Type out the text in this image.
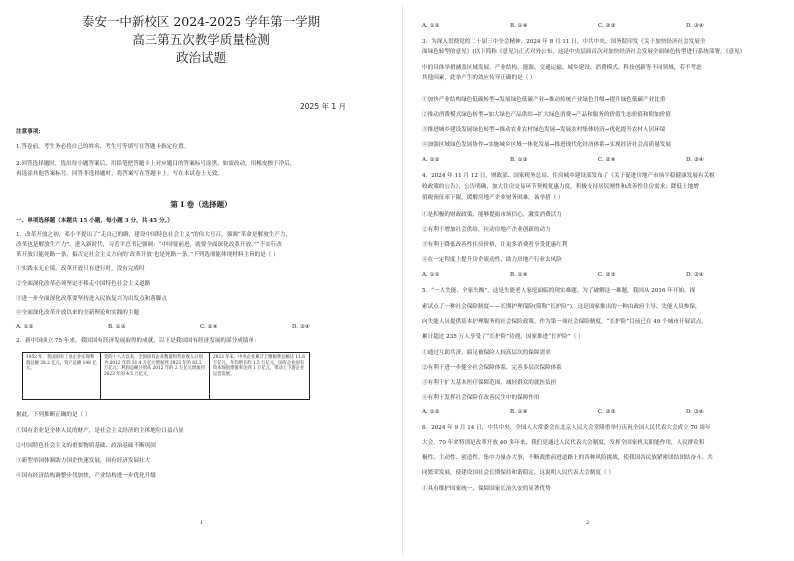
泰安一中新校区 2024-2025 学年第一学期
高三第五次教学质量检测
政治试题
2025 年 1 月
注意事项:
1.答卷前，考生务必将自己的姓名、考生号等填写在答题卡指定位置。
2.回答选择题时，选出每小题答案后，用铅笔把答题卡上对应题目的答案标号涂黑。如需改动，用橡皮擦干净后，
再选涂其他答案标号。回答非选择题时，将答案写在答题卡上。写在本试卷上无效。
第 I 卷（选择题）
一、单项选择题（本题共 15 小题，每小题 3 分，共 45 分。）
1．改革开放之初，邓小平提出了“走自己的路，建设中国特色社会主义”的伟大号召，强调“革命是解放生产力，
改革也是解放生产力”。进入新时代，习近平总书记强调：“中国要前进，就要全面深化改革开放。”“不实行改
革开放只能死路一条，搞否定社会主义方向的‘改革开放’也是死路一条。”下列选项能体现材料主旨的是（ ）
①实践永无止境，改革开放只有进行时，没有完成时
②全面深化改革必须坚定不移走中国特色社会主义道路
③进一步全面深化改革要坚持进入民族复兴为出发点和落脚点
④全面深化改革开放以来的全新理论和实践的主题
A. ①②	B. ①③	C. ②④	D. ③④
2．新中国成立 75 年来，我国国有经济发展取得的成就，以下是我国国有经济发展的部分成绩单：
1952 年，我国国有工业企业实现利润总额 28.2 亿元，资产总额 148 亿元。
党的十八大以来，全国国有企业数量和营业收入分别为 2012 年的 31.4 万亿元增加到 2023 年的 83.2 万亿元；利润总额分别从 2012 年的 2 万亿元增加到 2023 年的 4.5 万亿元。
2023 年末，中央企业累计上缴税费总额达 11.6 万亿元，年均增长约 1.5 万亿元，国有企业国有资本保值增值率达到 1 万亿元，带动上下游企业运营发展。
据此，下列推断正确的是（ ）
①国有企业是全体人民的财产，是社会主义经济的主体地位日益凸显
②中国特色社会主义的重要物质基础、政治基础不断巩固
③新型举国体制助力国企快速发展，国有经济发展壮大
④国有经济结构调整步伐加快，产业结构进一步优化升级
1
A. ①②	B. ①④	C. ②③	D. ③④
3．为深入贯彻党的二十届三中全会精神，2024 年 8 月 11 日，中共中央、国务院印发《关于加快经济社会发展全
面绿色转型的意见》(以下简称《意见》)正式对外公布，这是中央层面首次对加快经济社会发展全面绿色转型进行系统部署。《意见》
中的具体举措涵盖区域发展、产业结构、能源、交通运输、城乡建设、消费模式、科技创新等不同领域，若不考虑
其他因素，此举产生的效应传导正确的是（ ）
①加快产业结构绿色低碳转型→发展绿色低碳产业→推动传统产业绿色升级→提升绿色低碳产业比重
②推动消费模式绿色转型→加大绿色产品供给→扩大绿色消费→产品和服务的价值生态价值和附加价值
③推进城乡建设发展绿色转型→推动农业农村绿色发展→发展农村集体经济→优化提升农村人居环境
④加强区域绿色发展协作→实施城乡区域一体化发展→推进现代化经济体系→实现经济社会高质量发展
A. ①②	B. ①③	C. ②④	D. ③④
4．2024 年 11 月 12 日，财政部、国家税务总局、住房城乡建设部发布了《关于促进房地产市场平稳健康发展有关税
收政策的公告》，公告明确，加大住房交易环节契税优惠力度，积极支持居民刚性和改善性住房需求；降低土地增
值税预征率下限，缓解房地产企业财务困难。该举措（ ）
①是积极的财政政策，能够提振市场信心，激发消费活力
②有利于增加社会供给，拉动房地产企业创新的动力
③有利于降低改善性住房价格，让更多消费者享受优惠红利
④在一定程度上提升房企流动性，助力房地产行业去风险
A. ①②	B. ①④	C. ②③	D. ③④
5．“一人失能，全家失衡”，这是失能老人家庭面临的现实难题。为了破解这一难题，我国从 2016 年开始，探
索试点了一种社会保险制度——长期护理保险(简称“长护险”)，这是国家推出的一种由政府主导、失能人员参保，
向失能人员提供基本护理服务的社会保险政策。作为第一项社会保险制度，“长护险”目前已在 49 个城市开展试点，
累计超过 235 万人享受了“长护险”待遇，国家推进“长护险”（ ）
①通过互助共济，搞足被保险人较高层次的保障需求
②有利于进一步健全社会保障体系，完善多层次保障体系
③有利于扩大基本医疗保障范围，减轻群众的就医负担
④有利于发挥社会保险在改善民生中的保障作用
A. ①②	B. ①④	C. ②③	D. ③④
6．2024 年 9 月 14 日，中共中央、全国人大常委会在北京人民大会堂隆重举行庆祝全国人民代表大会成立 70 周年
大会。70 年来特别是改革开放 40 多年来，我们党通过人民代表大会制度，发挥全国家机关职能作用，人民群众积
极性、主动性、创造性。集中力量办大事，不断战胜前进道路上的各种风险挑战，使我国各民族紧密团结团结奋斗、共
同繁荣发展，使建设国社会长期保持和谐稳定。这说明人民代表大会制度（ ）
①具有维护国家统一、保障国家长治久安的显著优势
2
